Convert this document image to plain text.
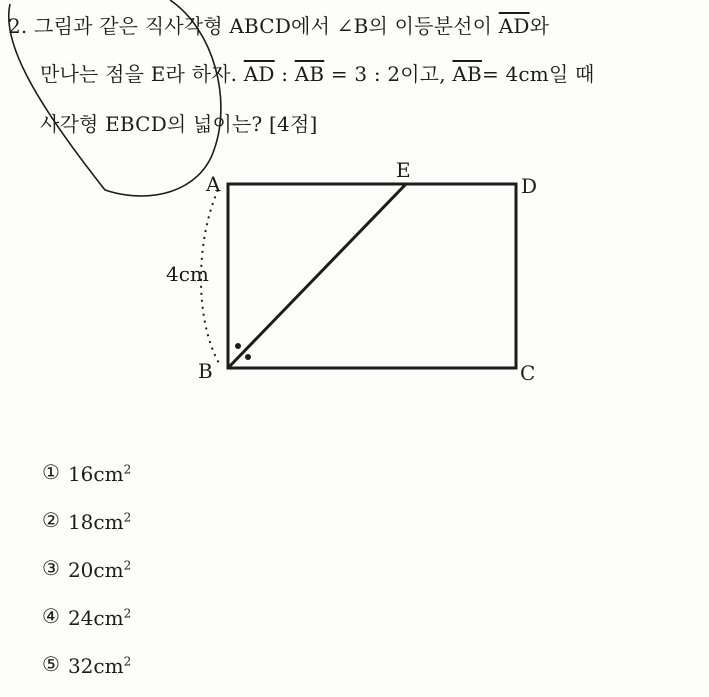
2. 그림과 같은 직사각형 ABCD에서 ∠B의 이등분선이 $\overline{AD}$와
만나는 점을 E라 하자. $\overline{AD}$ : $\overline{AB} = 3$ : 2이고, $\overline{AB}= 4cm$일 때
사각형 EBCD의 넓이는? [4점]
A
B	C
D
E
4cm
① $16cm^2$
② $18cm^2$
③ $20cm^2$
④ $24cm^2$
⑤ $32cm^2$
